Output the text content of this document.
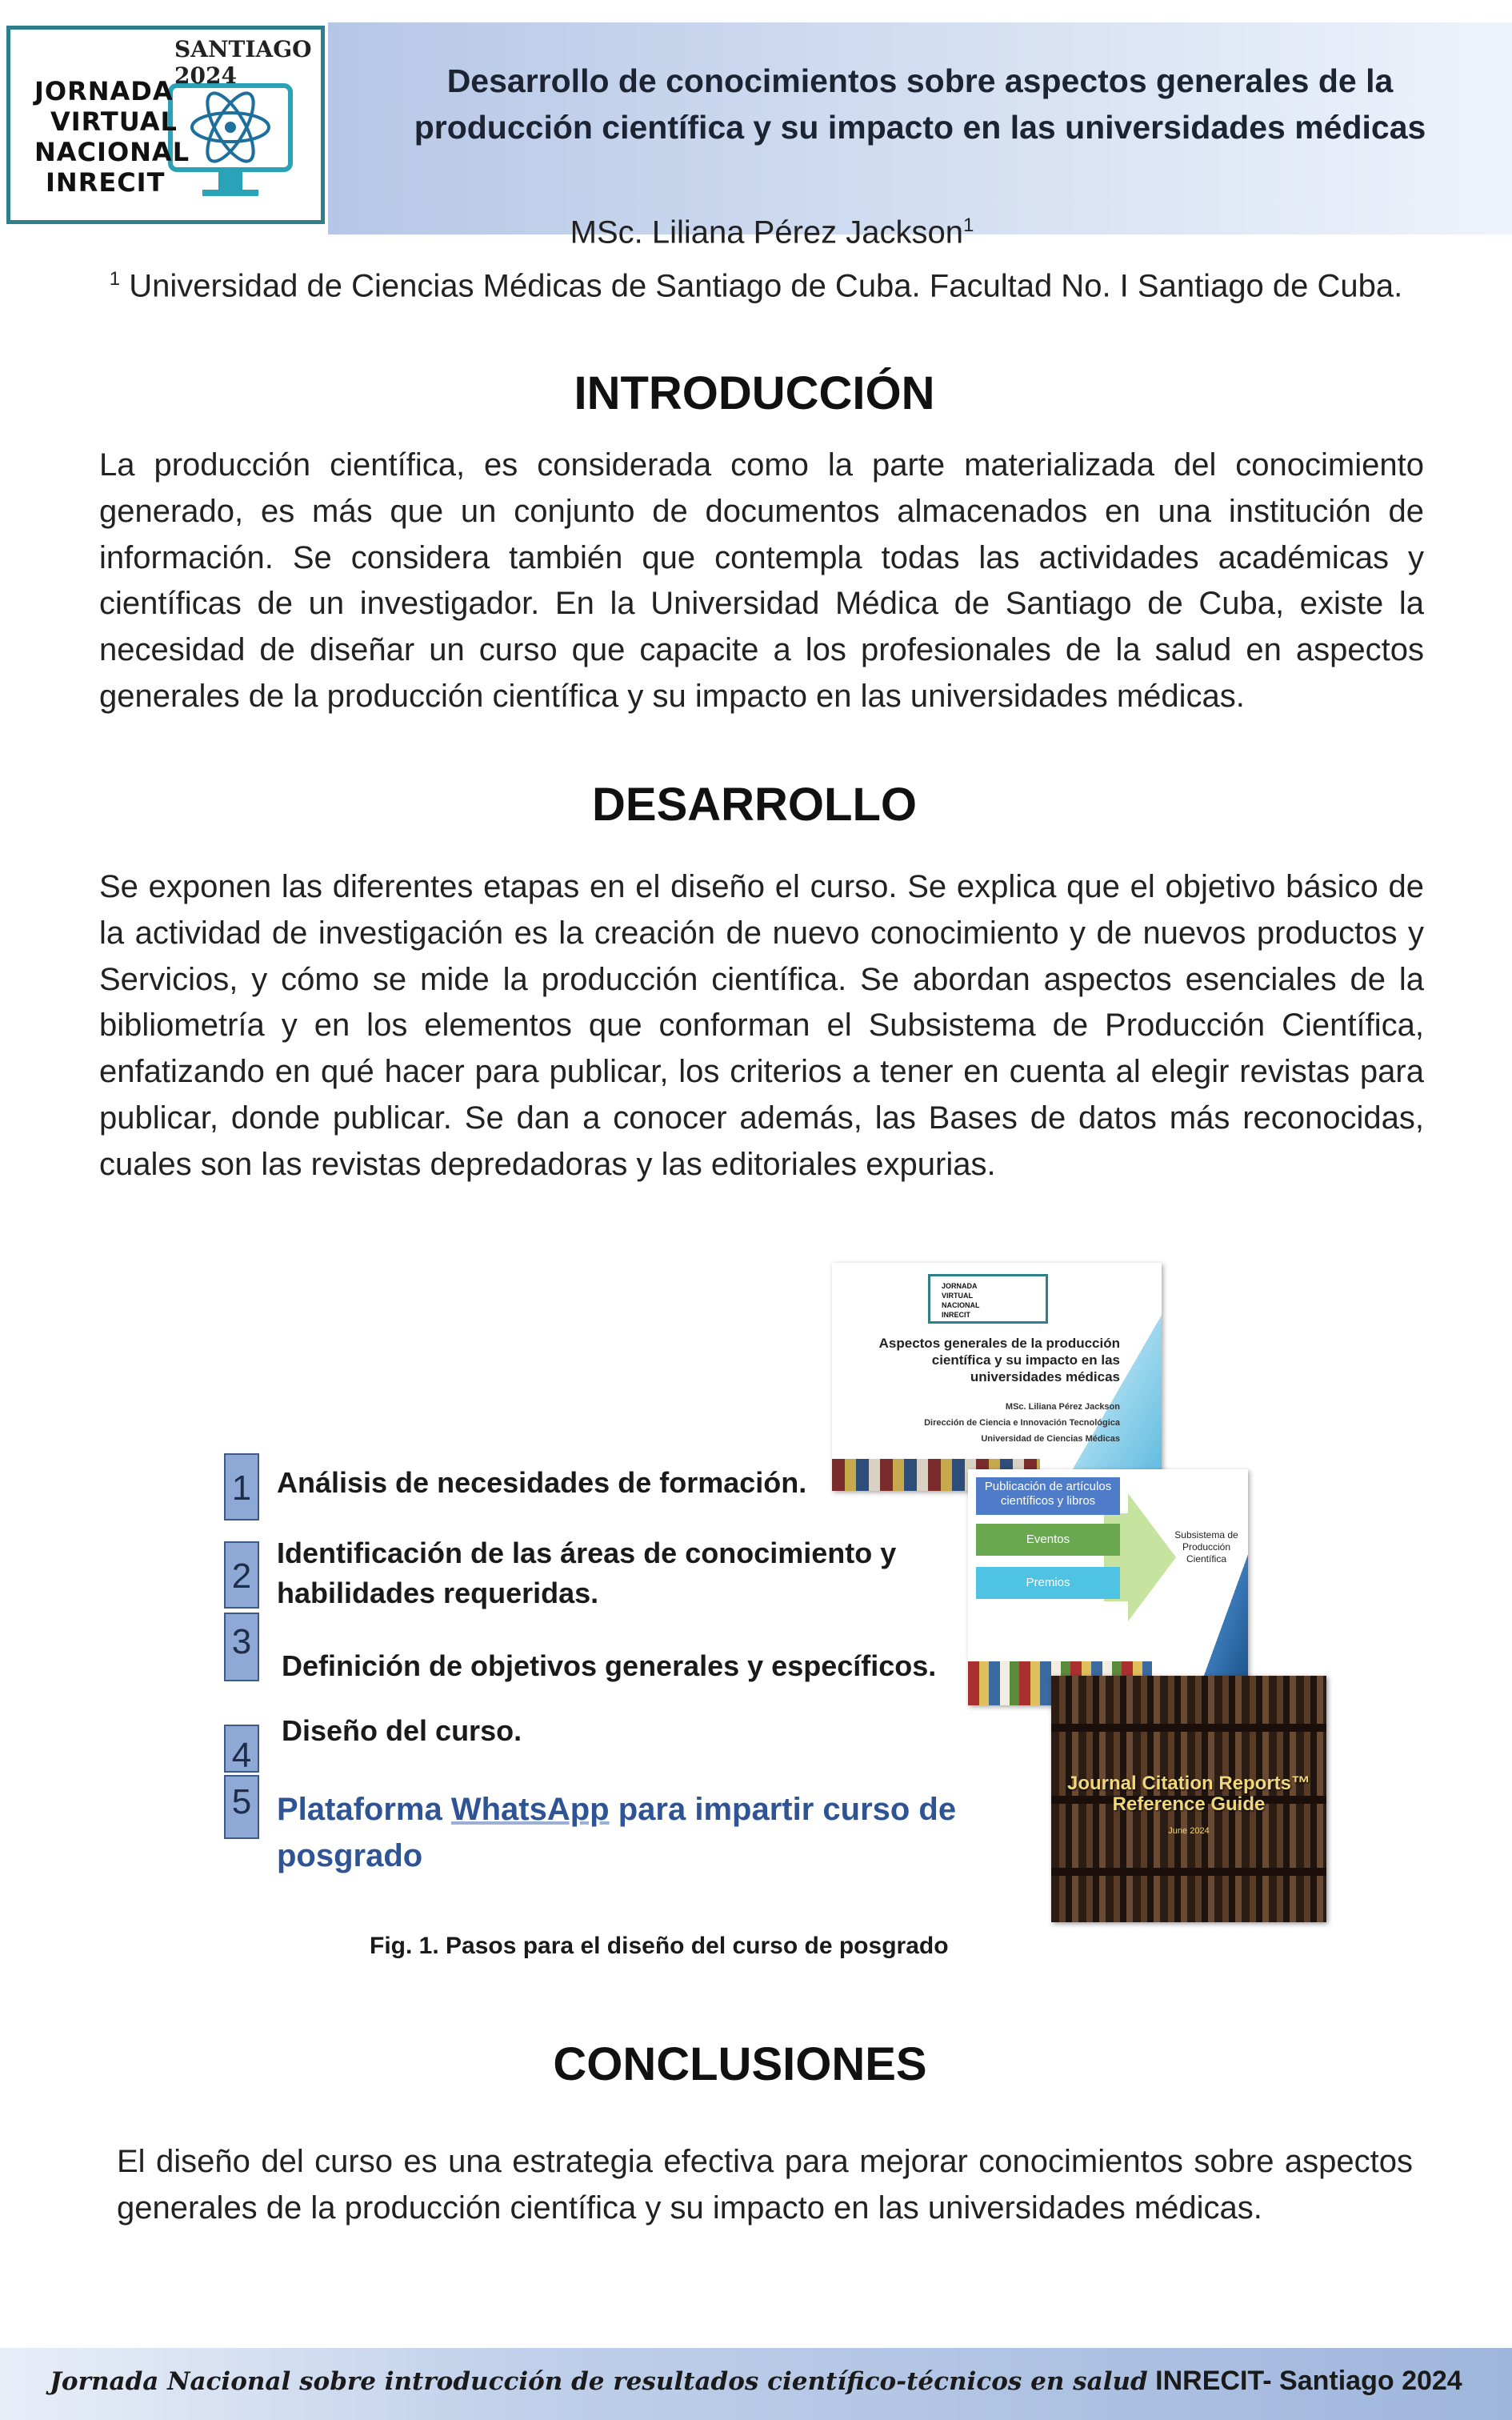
JORNADA
VIRTUAL
NACIONAL
INRECIT
SANTIAGO 2024	Desarrollo de conocimientos sobre aspectos generales de la
producción científica y su impacto en las universidades médicas
MSc. Liliana Pérez Jackson$^1$
$^1$ Universidad de Ciencias Médicas de Santiago de Cuba. Facultad No. I Santiago de Cuba.
INTRODUCCIÓN
La producción científica, es considerada como la parte materializada del conocimiento generado, es más que un conjunto de documentos almacenados en una institución de información. Se considera también que contempla todas las actividades académicas y científicas de un investigador. En la Universidad Médica de Santiago de Cuba, existe la necesidad de diseñar un curso que capacite a los profesionales de la salud en aspectos generales de la producción científica y su impacto en las universidades médicas.
DESARROLLO
Se exponen las diferentes etapas en el diseño el curso. Se explica que el objetivo básico de la actividad de investigación es la creación de nuevo conocimiento y de nuevos productos y Servicios, y cómo se mide la producción científica. Se abordan aspectos esenciales de la bibliometría y en los elementos que conforman el Subsistema de Producción Científica, enfatizando en qué hacer para publicar, los criterios a tener en cuenta al elegir revistas para publicar, donde publicar. Se dan a conocer además, las Bases de datos más reconocidas, cuales son las revistas depredadoras y las editoriales expurias.
JORNADA
VIRTUAL
NACIONAL
INRECIT
Aspectos generales de la producción científica y su impacto en las universidades médicas
MSc. Liliana Pérez Jackson
Dirección de Ciencia e Innovación Tecnológica
Universidad de Ciencias Médicas
Publicación de artículos científicos y libros
Eventos
Premios
Subsistema de Producción Científica
Journal Citation Reports™ Reference Guide
June 2024
1 Análisis de necesidades de formación.
2
Identificación de las áreas de conocimiento y habilidades requeridas.
3
Definición de objetivos generales y específicos.
4
Diseño del curso.
5 Plataforma WhatsApp para impartir curso de posgrado
Fig. 1. Pasos para el diseño del curso de posgrado
CONCLUSIONES
El diseño del curso es una estrategia efectiva para mejorar conocimientos sobre aspectos generales de la producción científica y su impacto en las universidades médicas.
Jornada Nacional sobre introducción de resultados científico-técnicos en salud INRECIT- Santiago 2024
